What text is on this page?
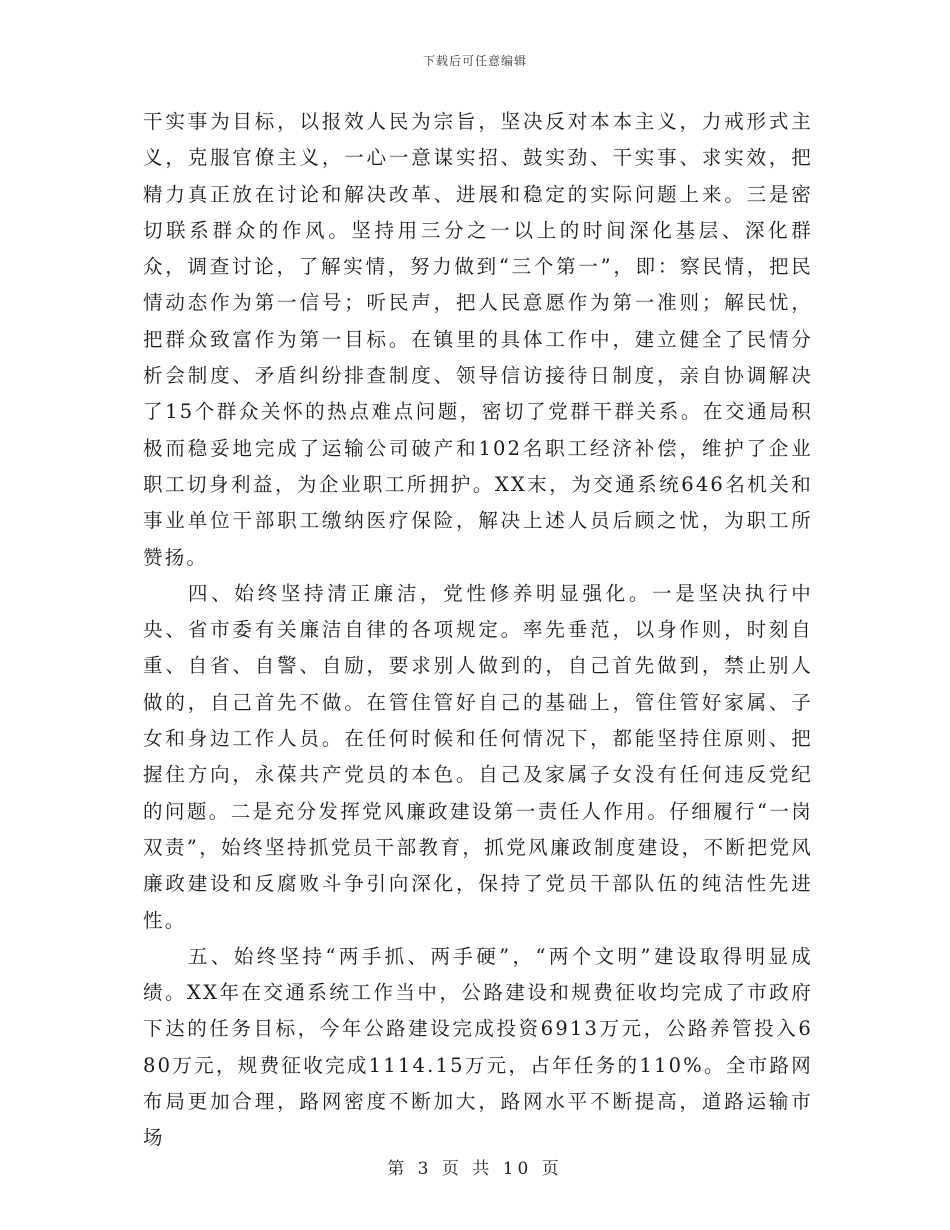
下载后可任意编辑

干实事为目标，以报效人民为宗旨，坚决反对本本主义，力戒形式主义，克服官僚主义，一心一意谋实招、鼓实劲、干实事、求实效，把精力真正放在讨论和解决改革、进展和稳定的实际问题上来。三是密切联系群众的作风。坚持用三分之一以上的时间深化基层、深化群众，调查讨论，了解实情，努力做到“三个第一”，即：察民情，把民情动态作为第一信号；听民声，把人民意愿作为第一准则；解民忧，把群众致富作为第一目标。在镇里的具体工作中，建立健全了民情分析会制度、矛盾纠纷排查制度、领导信访接待日制度，亲自协调解决了15个群众关怀的热点难点问题，密切了党群干群关系。在交通局积极而稳妥地完成了运输公司破产和102名职工经济补偿，维护了企业职工切身利益，为企业职工所拥护。XX末，为交通系统646名机关和事业单位干部职工缴纳医疗保险，解决上述人员后顾之忧，为职工所赞扬。

四、始终坚持清正廉洁，党性修养明显强化。一是坚决执行中央、省市委有关廉洁自律的各项规定。率先垂范，以身作则，时刻自重、自省、自警、自励，要求别人做到的，自己首先做到，禁止别人做的，自己首先不做。在管住管好自己的基础上，管住管好家属、子女和身边工作人员。在任何时候和任何情况下，都能坚持住原则、把握住方向，永葆共产党员的本色。自己及家属子女没有任何违反党纪的问题。二是充分发挥党风廉政建设第一责任人作用。仔细履行“一岗双责”，始终坚持抓党员干部教育，抓党风廉政制度建设，不断把党风廉政建设和反腐败斗争引向深化，保持了党员干部队伍的纯洁性先进性。

五、始终坚持“两手抓、两手硬”，“两个文明”建设取得明显成绩。XX年在交通系统工作当中，公路建设和规费征收均完成了市政府下达的任务目标，今年公路建设完成投资6913万元，公路养管投入680万元，规费征收完成1114.15万元，占年任务的110%。全市路网布局更加合理，路网密度不断加大，路网水平不断提高，道路运输市场

第 3 页 共 10 页
